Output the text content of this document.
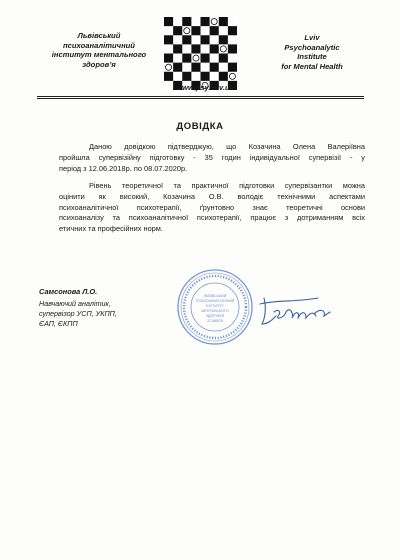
Львівський
психоаналітичний
інститут ментального
здоров’я
Lviv
Psychoanalytic
Institute
for Mental Health
www.psy.lviv.ua
ДОВІДКА
Даною довідкою підтверджую, що Козачина Олена Валеріївна
пройшла супервізійну підготовку - 35 годин індивідуальної супервізії - у
період з 12.06.2018р. по 08.07.2020р.
Рівень теоретичної та практичної підготовки супервізантки можна
оцінити як високий, Козачина О.В. володіє технічними аспектами
психоаналітичної психотерапії, ґрунтовно знає теоретичні основи
психоаналізу та психоаналітичної психотерапії, працює з дотриманням всіх
етичних та професійних норм.
Самсонова Л.О.
Навчаючий аналітик,
супервізор УСП, УКПП,
ЄАП, ЄКПП
ЛЬВІВСЬКИЙ
ПСИХОАНАЛІТИЧНИЙ
ІНСТИТУТ
МЕНТАЛЬНОГО
ЗДОРОВ'Я
37186578
